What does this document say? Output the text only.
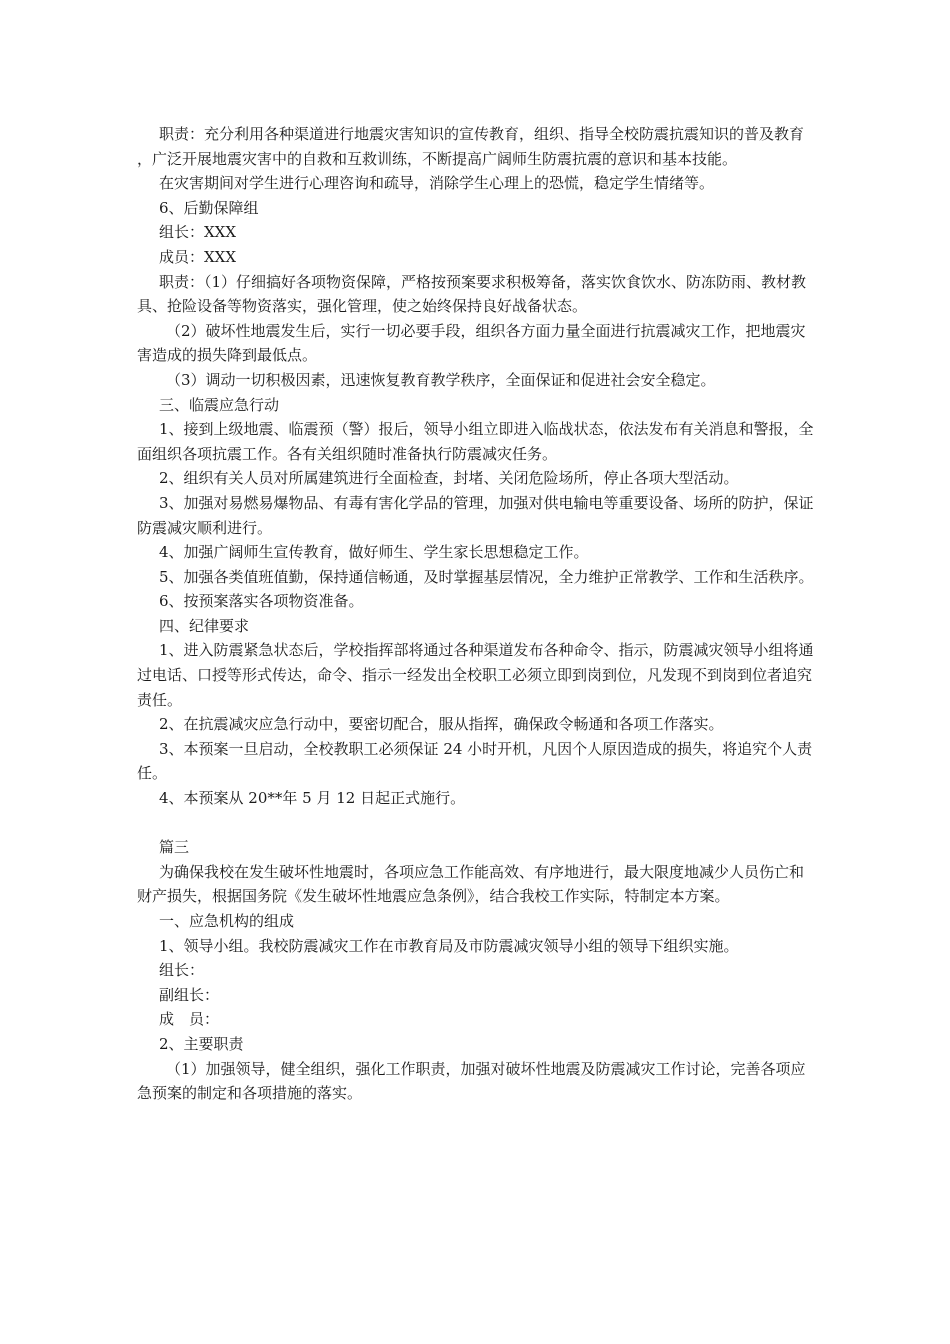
职责：充分利用各种渠道进行地震灾害知识的宣传教育，组织、指导全校防震抗震知识的普及教育，广泛开展地震灾害中的自救和互救训练，不断提高广阔师生防震抗震的意识和基本技能。

在灾害期间对学生进行心理咨询和疏导，消除学生心理上的恐慌，稳定学生情绪等。

6、后勤保障组

组长：XXX

成员：XXX

职责：（1）仔细搞好各项物资保障，严格按预案要求积极筹备，落实饮食饮水、防冻防雨、教材教具、抢险设备等物资落实，强化管理，使之始终保持良好战备状态。

（2）破坏性地震发生后，实行一切必要手段，组织各方面力量全面进行抗震减灾工作，把地震灾害造成的损失降到最低点。

（3）调动一切积极因素，迅速恢复教育教学秩序，全面保证和促进社会安全稳定。

三、临震应急行动

1、接到上级地震、临震预（警）报后，领导小组立即进入临战状态，依法发布有关消息和警报，全面组织各项抗震工作。各有关组织随时准备执行防震减灾任务。

2、组织有关人员对所属建筑进行全面检查，封堵、关闭危险场所，停止各项大型活动。

3、加强对易燃易爆物品、有毒有害化学品的管理，加强对供电输电等重要设备、场所的防护，保证防震减灾顺利进行。

4、加强广阔师生宣传教育，做好师生、学生家长思想稳定工作。

5、加强各类值班值勤，保持通信畅通，及时掌握基层情况，全力维护正常教学、工作和生活秩序。

6、按预案落实各项物资准备。

四、纪律要求

1、进入防震紧急状态后，学校指挥部将通过各种渠道发布各种命令、指示，防震减灾领导小组将通过电话、口授等形式传达，命令、指示一经发出全校职工必须立即到岗到位，凡发现不到岗到位者追究责任。

2、在抗震减灾应急行动中，要密切配合，服从指挥，确保政令畅通和各项工作落实。

3、本预案一旦启动，全校教职工必须保证 24 小时开机，凡因个人原因造成的损失，将追究个人责任。

4、本预案从 20**年 5 月 12 日起正式施行。

篇三

为确保我校在发生破坏性地震时，各项应急工作能高效、有序地进行，最大限度地减少人员伤亡和财产损失，根据国务院《发生破坏性地震应急条例》，结合我校工作实际，特制定本方案。

一、应急机构的组成

1、领导小组。我校防震减灾工作在市教育局及市防震减灾领导小组的领导下组织实施。

组长：

副组长：

成　员：

2、主要职责

（1）加强领导，健全组织，强化工作职责，加强对破坏性地震及防震减灾工作讨论，完善各项应急预案的制定和各项措施的落实。
